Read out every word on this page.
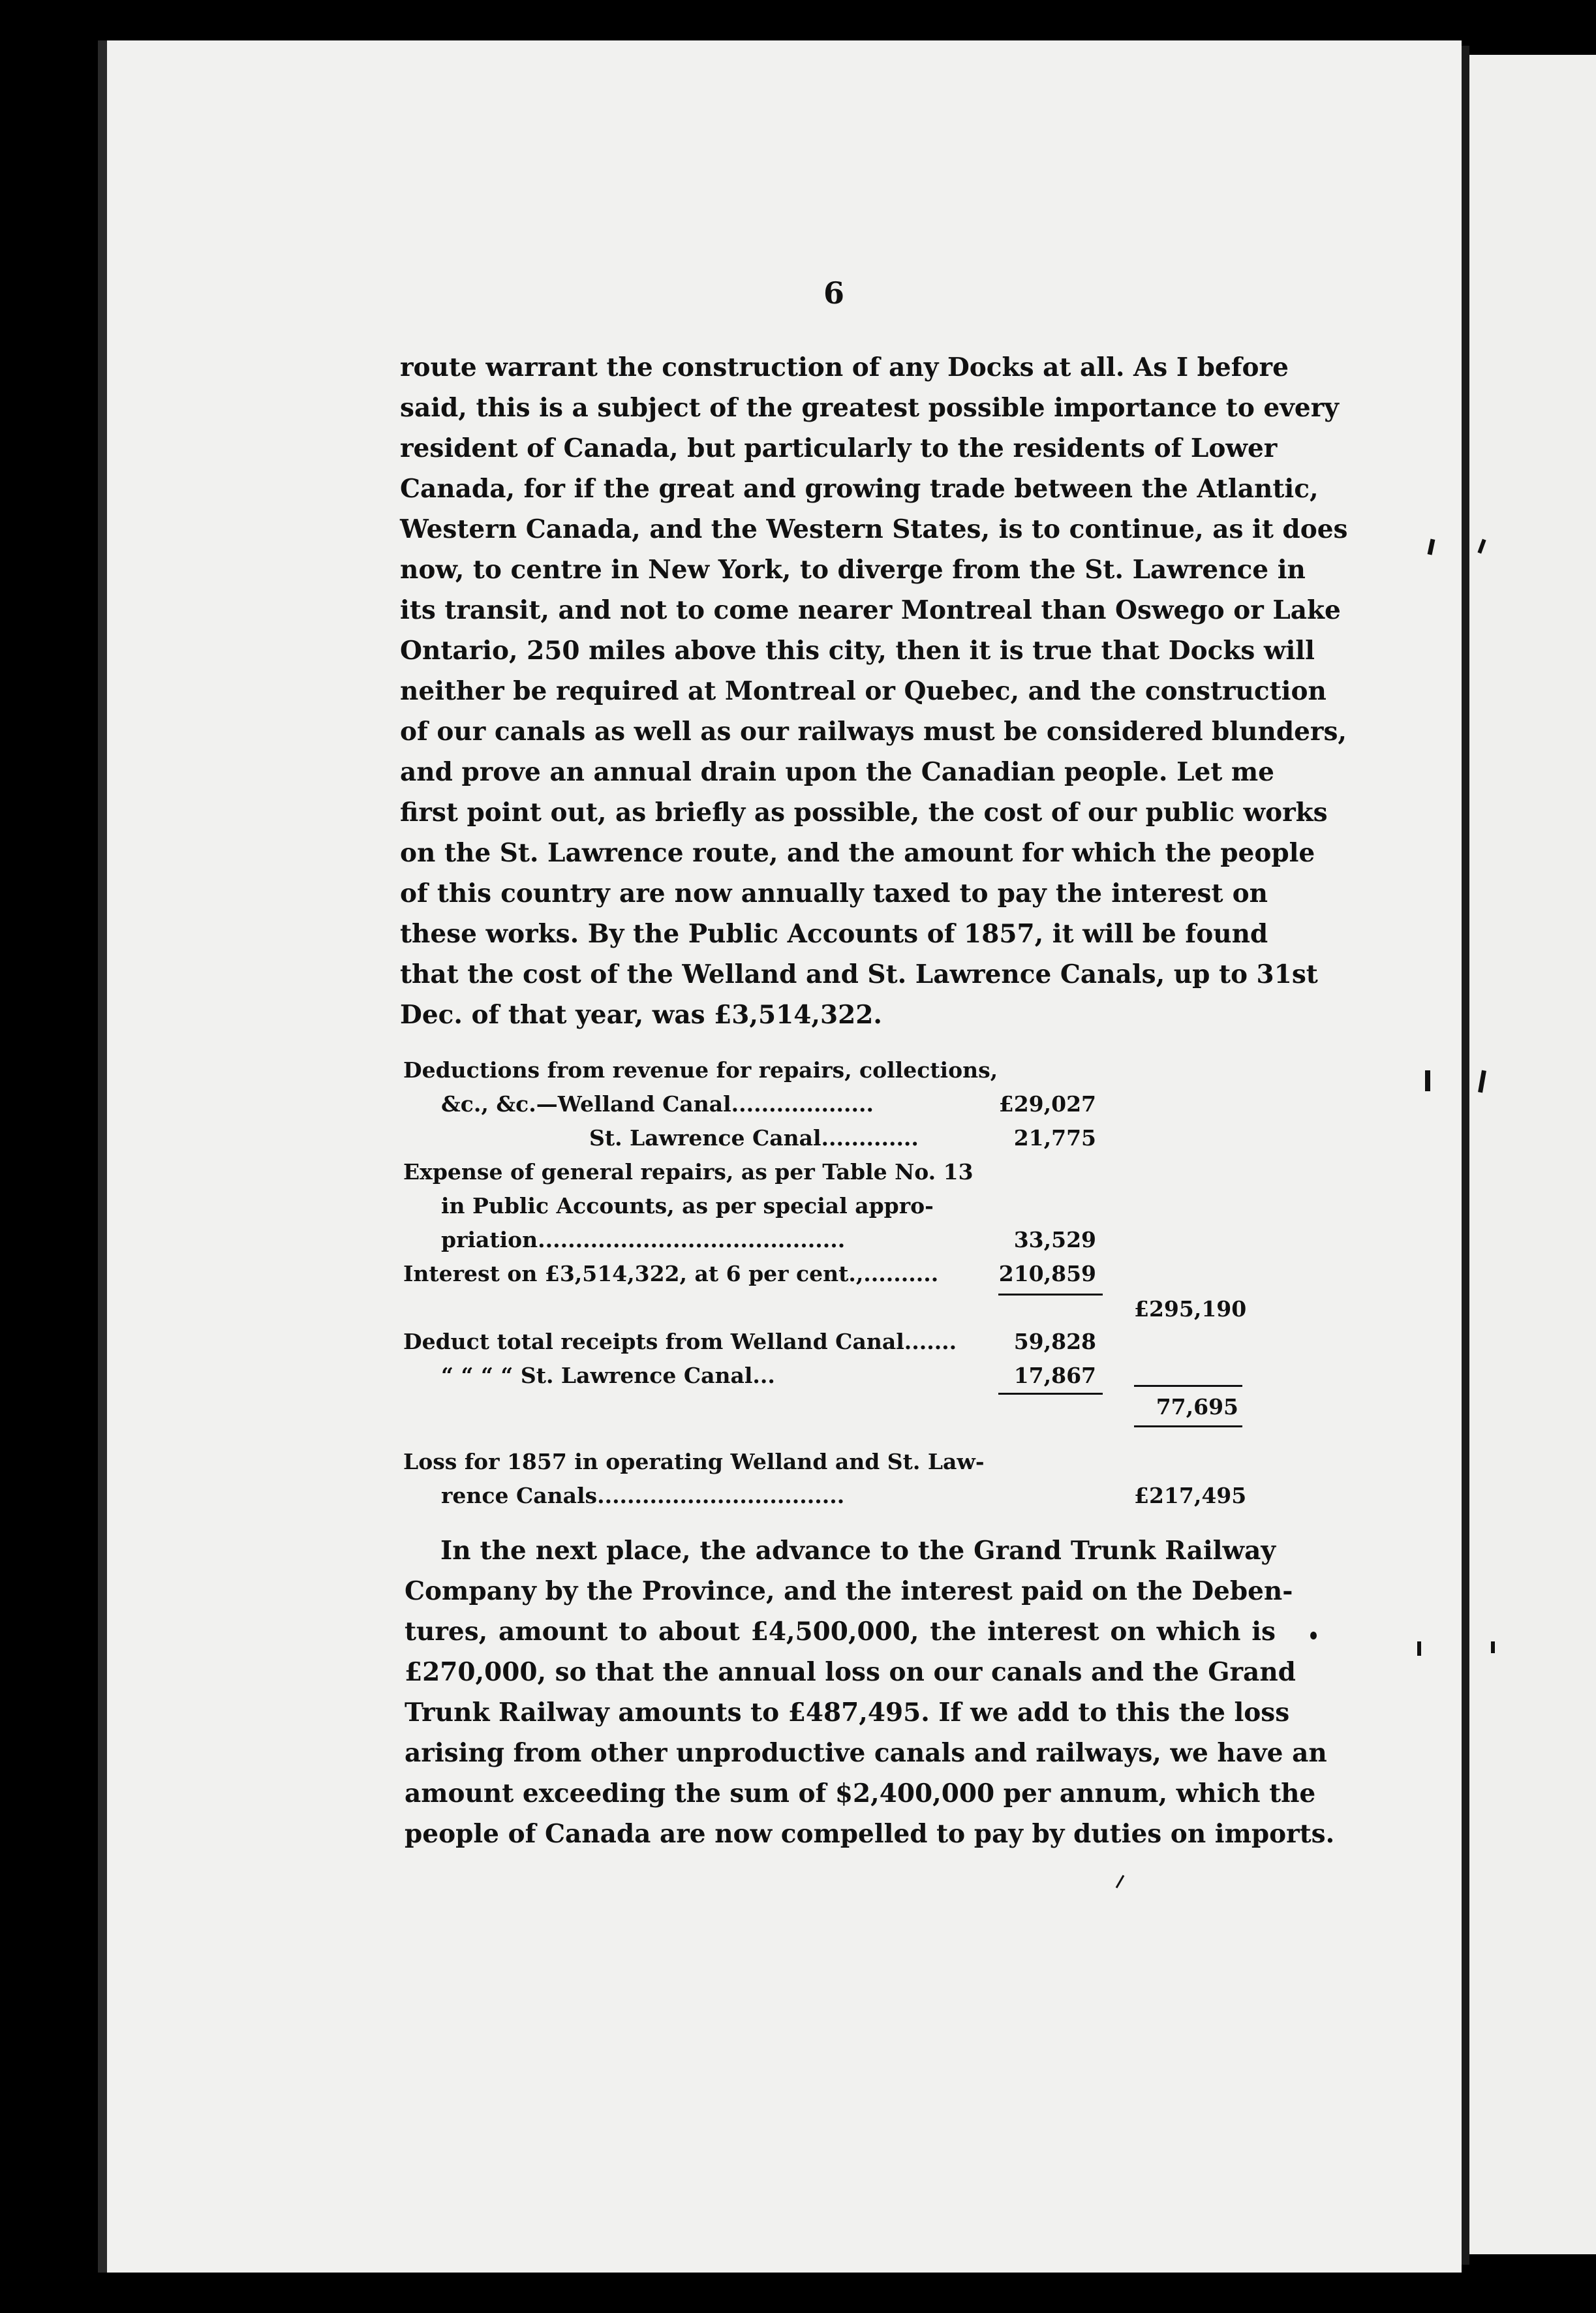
6
route warrant the construction of any Docks at all. As I before
said, this is a subject of the greatest possible importance to every
resident of Canada, but particularly to the residents of Lower
Canada, for if the great and growing trade between the Atlantic,
Western Canada, and the Western States, is to continue, as it does
now, to centre in New York, to diverge from the St. Lawrence in
its transit, and not to come nearer Montreal than Oswego or Lake
Ontario, 250 miles above this city, then it is true that Docks will
neither be required at Montreal or Quebec, and the construction
of our canals as well as our railways must be considered blunders,
and prove an annual drain upon the Canadian people. Let me
first point out, as briefly as possible, the cost of our public works
on the St. Lawrence route, and the amount for which the people
of this country are now annually taxed to pay the interest on
these works. By the Public Accounts of 1857, it will be found
that the cost of the Welland and St. Lawrence Canals, up to 31st
Dec. of that year, was £3,514,322.
Deductions from revenue for repairs, collections,
&c., &c.—Welland Canal...................	£29,027
St. Lawrence Canal.............	21,775
Expense of general repairs, as per Table No. 13
in Public Accounts, as per special appro-
priation.........................................	33,529
Interest on £3,514,322, at 6 per cent.,..........	210,859
£295,190
Deduct total receipts from Welland Canal.......	59,828
“ “ “ “ St. Lawrence Canal...	17,867
77,695
Loss for 1857 in operating Welland and St. Law-
rence Canals.................................	£217,495
In the next place, the advance to the Grand Trunk Railway
Company by the Province, and the interest paid on the Deben-
tures, amount to about £4,500,000, the interest on which is
£270,000, so that the annual loss on our canals and the Grand
Trunk Railway amounts to £487,495. If we add to this the loss
arising from other unproductive canals and railways, we have an
amount exceeding the sum of $2,400,000 per annum, which the
people of Canada are now compelled to pay by duties on imports.
